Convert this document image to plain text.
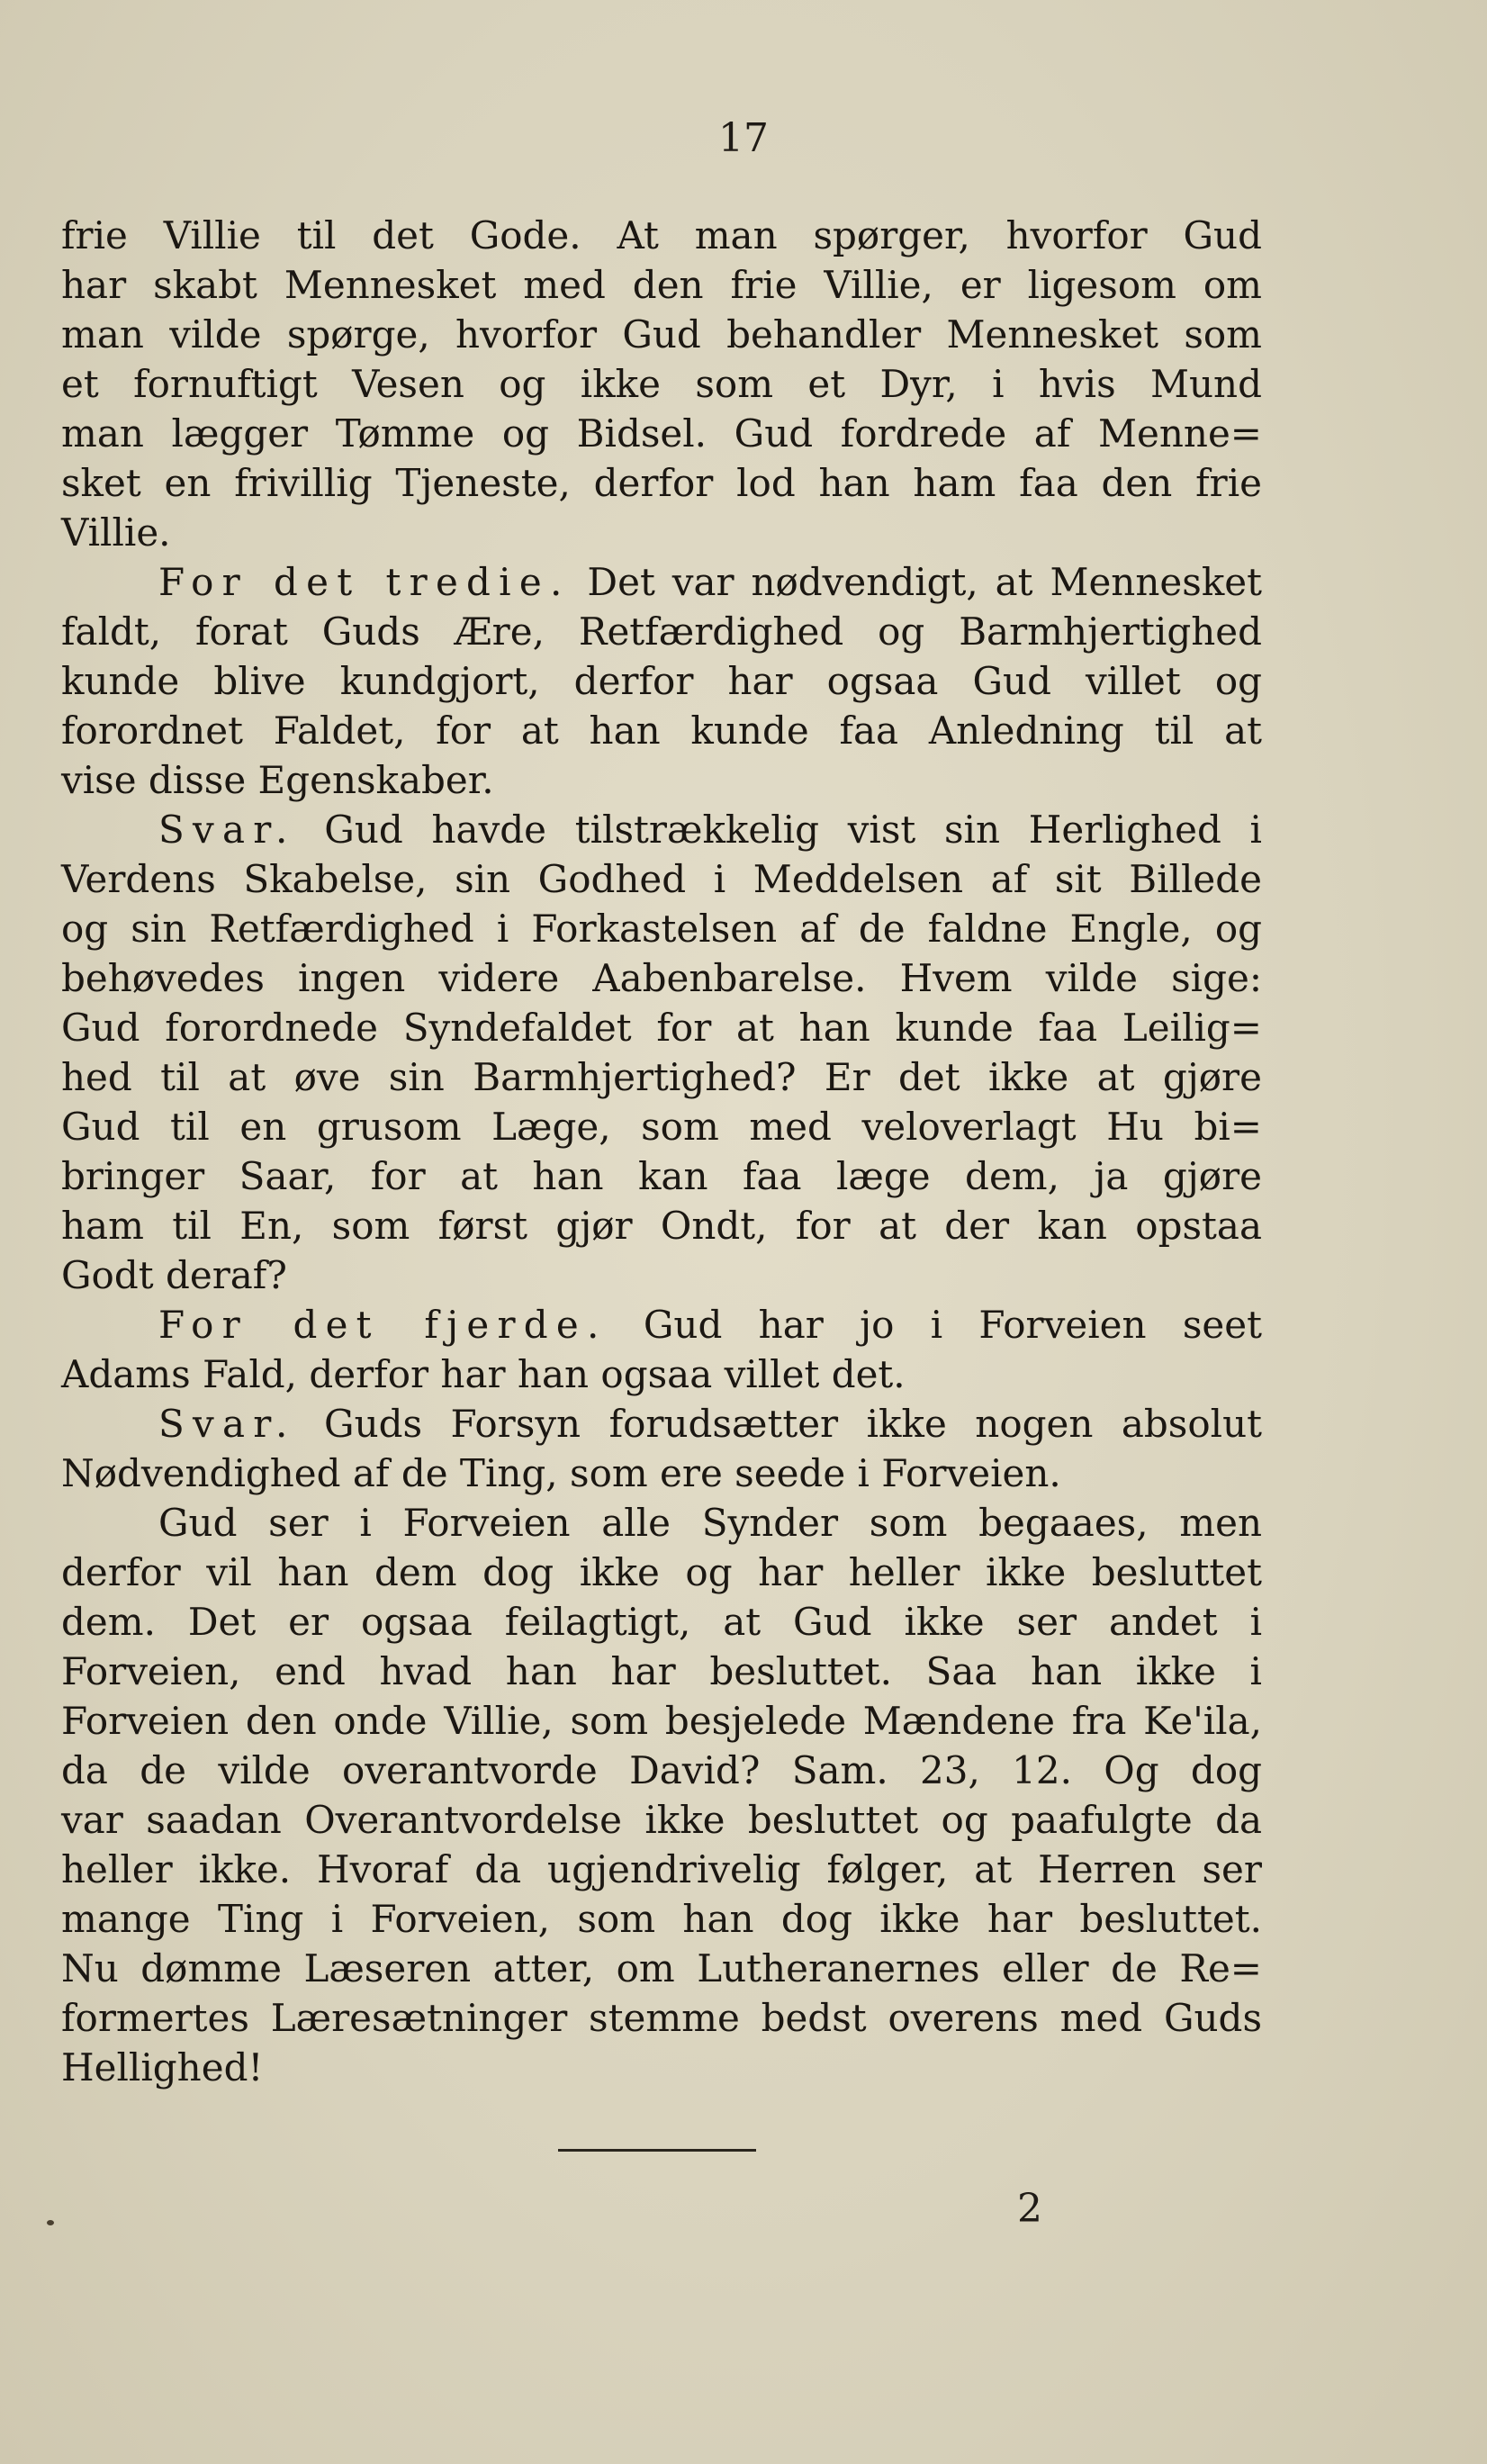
17
frie Villie til det Gode. At man spørger, hvorfor Gud
har skabt Mennesket med den frie Villie, er ligesom om
man vilde spørge, hvorfor Gud behandler Mennesket som
et fornuftigt Vesen og ikke som et Dyr, i hvis Mund
man lægger Tømme og Bidsel. Gud fordrede af Menne=
sket en frivillig Tjeneste, derfor lod han ham faa den frie
Villie.
For det tredie. Det var nødvendigt, at Mennesket
faldt, forat Guds Ære, Retfærdighed og Barmhjertighed
kunde blive kundgjort, derfor har ogsaa Gud villet og
forordnet Faldet, for at han kunde faa Anledning til at
vise disse Egenskaber.
Svar. Gud havde tilstrækkelig vist sin Herlighed i
Verdens Skabelse, sin Godhed i Meddelsen af sit Billede
og sin Retfærdighed i Forkastelsen af de faldne Engle, og
behøvedes ingen videre Aabenbarelse. Hvem vilde sige:
Gud forordnede Syndefaldet for at han kunde faa Leilig=
hed til at øve sin Barmhjertighed? Er det ikke at gjøre
Gud til en grusom Læge, som med veloverlagt Hu bi=
bringer Saar, for at han kan faa læge dem, ja gjøre
ham til En, som først gjør Ondt, for at der kan opstaa
Godt deraf?
For det fjerde. Gud har jo i Forveien seet
Adams Fald, derfor har han ogsaa villet det.
Svar. Guds Forsyn forudsætter ikke nogen absolut
Nødvendighed af de Ting, som ere seede i Forveien.
Gud ser i Forveien alle Synder som begaaes, men
derfor vil han dem dog ikke og har heller ikke besluttet
dem. Det er ogsaa feilagtigt, at Gud ikke ser andet i
Forveien, end hvad han har besluttet. Saa han ikke i
Forveien den onde Villie, som besjelede Mændene fra Ke'ila,
da de vilde overantvorde David? Sam. 23, 12. Og dog
var saadan Overantvordelse ikke besluttet og paafulgte da
heller ikke. Hvoraf da ugjendrivelig følger, at Herren ser
mange Ting i Forveien, som han dog ikke har besluttet.
Nu dømme Læseren atter, om Lutheranernes eller de Re=
formertes Læresætninger stemme bedst overens med Guds
Hellighed!
2
